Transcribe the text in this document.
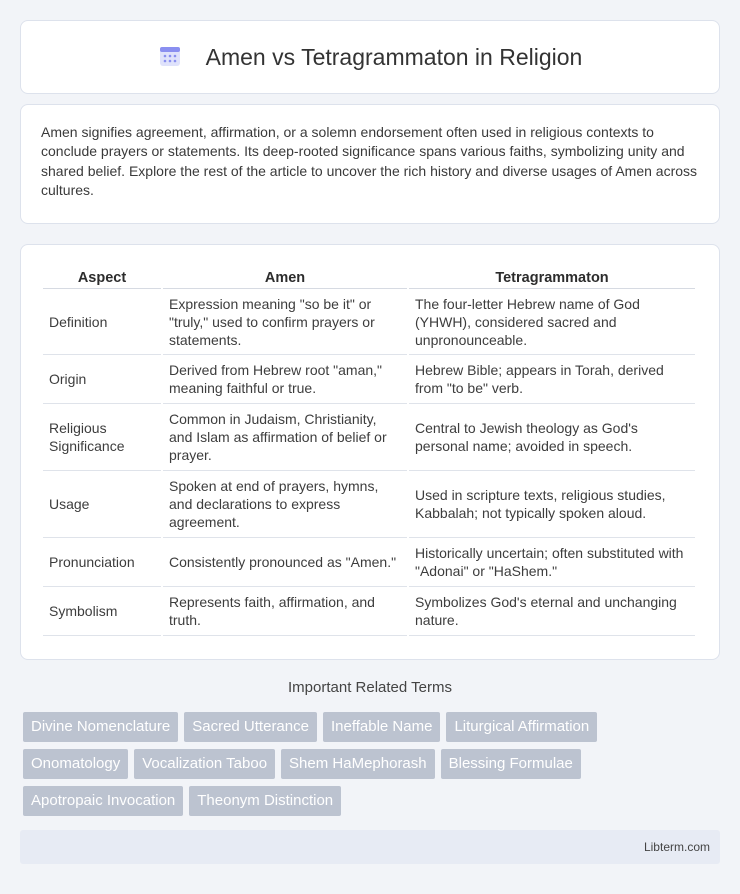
Amen vs Tetragrammaton in Religion

Amen signifies agreement, affirmation, or a solemn endorsement often used in religious contexts to conclude prayers or statements. Its deep-rooted significance spans various faiths, symbolizing unity and shared belief. Explore the rest of the article to uncover the rich history and diverse usages of Amen across cultures.

Aspect	Amen	Tetragrammaton
Definition	Expression meaning "so be it" or "truly," used to confirm prayers or statements.	The four-letter Hebrew name of God (YHWH), considered sacred and unpronounceable.
Origin	Derived from Hebrew root "aman," meaning faithful or true.	Hebrew Bible; appears in Torah, derived from "to be" verb.
Religious Significance	Common in Judaism, Christianity, and Islam as affirmation of belief or prayer.	Central to Jewish theology as God's personal name; avoided in speech.
Usage	Spoken at end of prayers, hymns, and declarations to express agreement.	Used in scripture texts, religious studies, Kabbalah; not typically spoken aloud.
Pronunciation	Consistently pronounced as "Amen."	Historically uncertain; often substituted with "Adonai" or "HaShem."
Symbolism	Represents faith, affirmation, and truth.	Symbolizes God's eternal and unchanging nature.
Important Related Terms
Divine Nomenclature	Sacred Utterance	Ineffable Name	Liturgical Affirmation
Onomatology	Vocalization Taboo	Shem HaMephorash	Blessing Formulae
Apotropaic Invocation	Theonym Distinction
Libterm.com
